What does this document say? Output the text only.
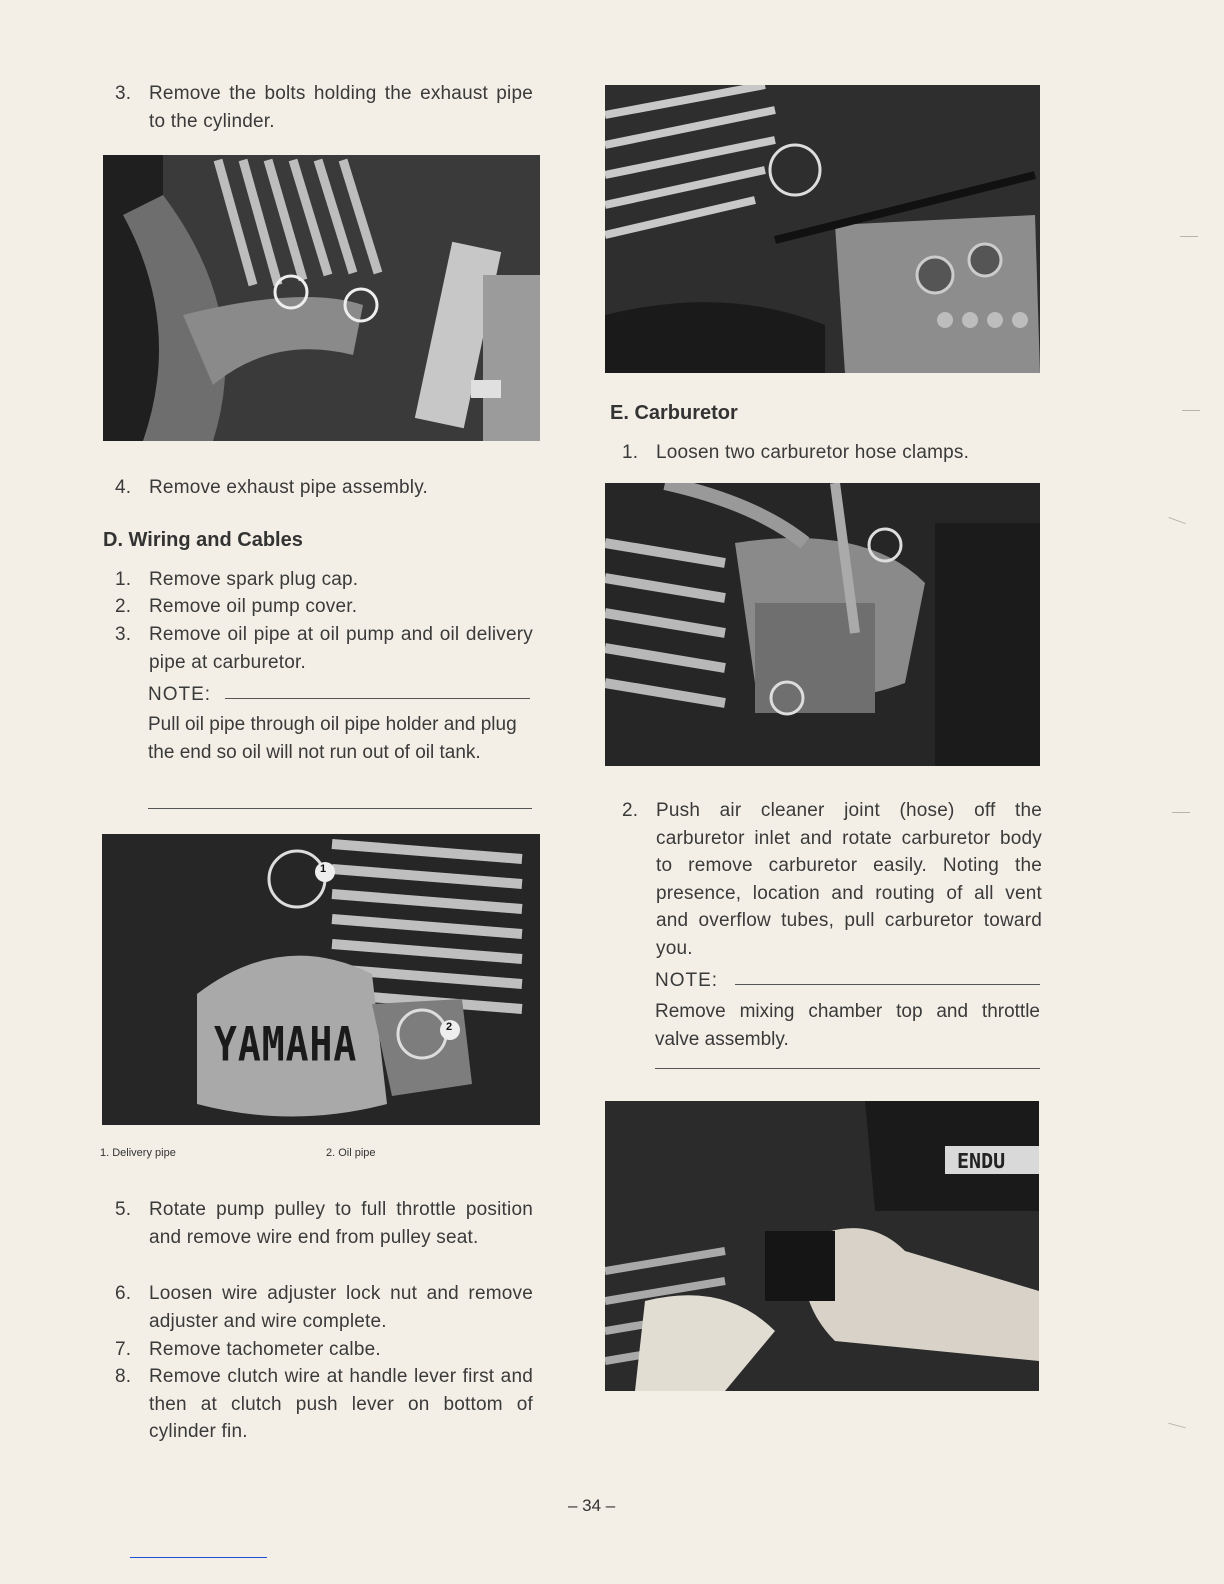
3. Remove the bolts holding the exhaust pipe to the cylinder.
4. Remove exhaust pipe assembly.
D. Wiring and Cables
1. Remove spark plug cap.
2. Remove oil pump cover.
3. Remove oil pipe at oil pump and oil delivery pipe at carburetor.
NOTE:
Pull oil pipe through oil pipe holder and plug the end so oil will not run out of oil tank.
YAMAHA
1
2
1. Delivery pipe	2. Oil pipe
5. Rotate pump pulley to full throttle position and remove wire end from pulley seat.
6. Loosen wire adjuster lock nut and remove adjuster and wire complete.
7. Remove tachometer calbe.
8. Remove clutch wire at handle lever first and then at clutch push lever on bottom of cylinder fin.
E. Carburetor
1. Loosen two carburetor hose clamps.
2. Push air cleaner joint (hose) off the carburetor inlet and rotate carburetor body to remove carburetor easily. Noting the presence, location and routing of all vent and overflow tubes, pull carburetor toward you.
NOTE:
Remove mixing chamber top and throttle valve assembly.
ENDU
– 34 –
